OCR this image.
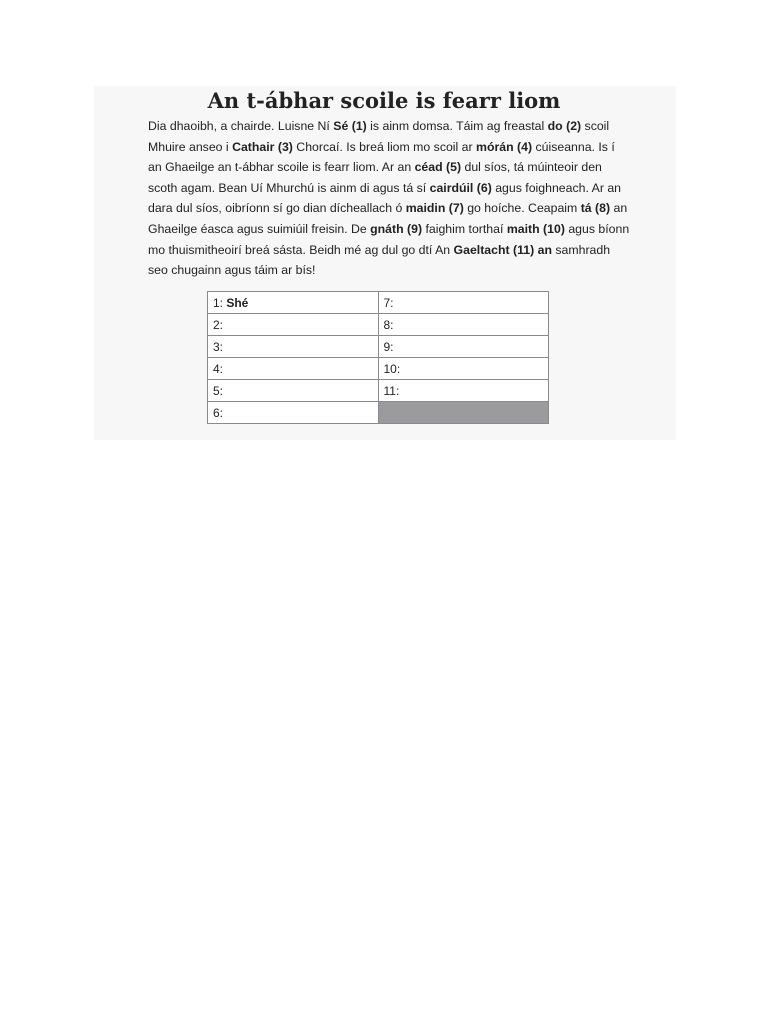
An t-ábhar scoile is fearr liom

Dia dhaoibh, a chairde. Luisne Ní Sé (1) is ainm domsa. Táim ag freastal do (2) scoil

Mhuire anseo i Cathair (3) Chorcaí. Is breá liom mo scoil ar mórán (4) cúiseanna. Is í

an Ghaeilge an t-ábhar scoile is fearr liom. Ar an céad (5) dul síos, tá múinteoir den

scoth agam. Bean Uí Mhurchú is ainm di agus tá sí cairdúil (6) agus foighneach. Ar an

dara dul síos, oibríonn sí go dian dícheallach ó maidin (7) go hoíche. Ceapaim tá (8) an

Ghaeilge éasca agus suimiúil freisin. De gnáth (9) faighim torthaí maith (10) agus bíonn

mo thuismitheoirí breá sásta. Beidh mé ag dul go dtí An Gaeltacht (11) an samhradh

seo chugainn agus táim ar bís!

1: Shé	7:
2:	8:
3:	9:
4:	10:
5:	11:
6:	
